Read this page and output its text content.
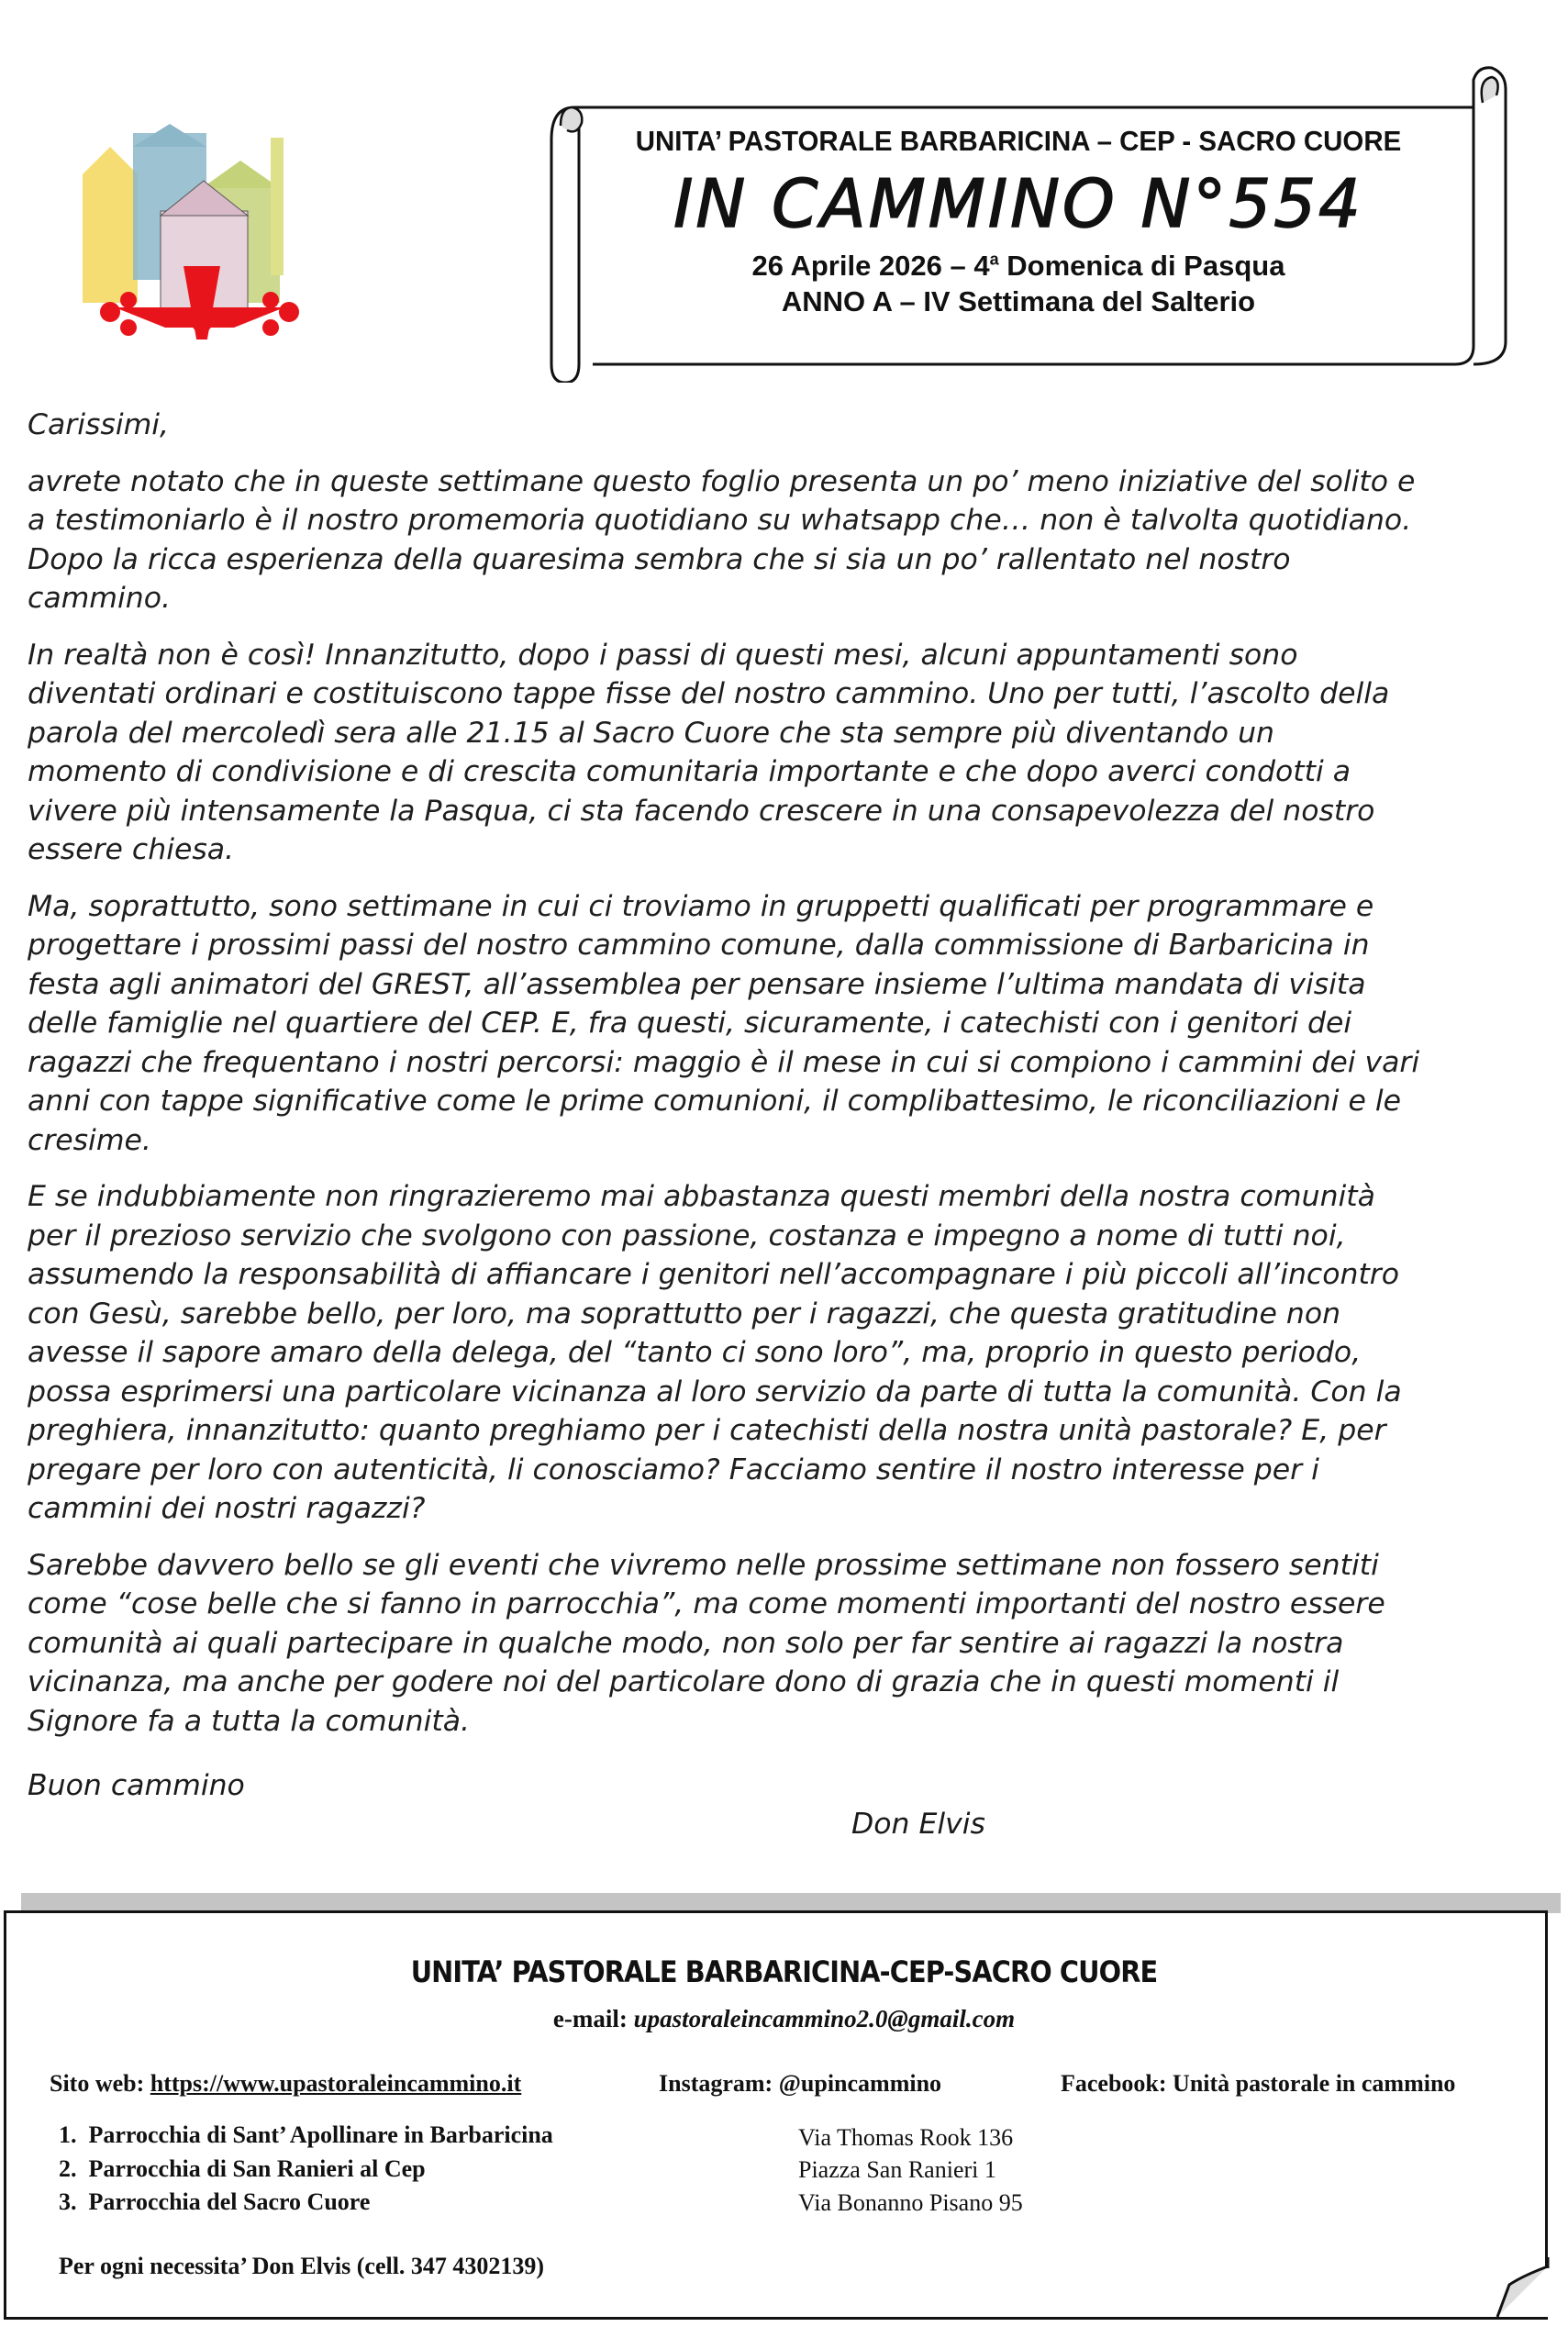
UNITA’ PASTORALE BARBARICINA – CEP - SACRO CUORE
IN CAMMINO N°554
26 Aprile 2026 – 4$^a$ Domenica di Pasqua
ANNO A – IV Settimana del Salterio
Carissimi,
avrete notato che in queste settimane questo foglio presenta un po’ meno iniziative del solito e
a testimoniarlo è il nostro promemoria quotidiano su whatsapp che… non è talvolta quotidiano.
Dopo la ricca esperienza della quaresima sembra che si sia un po’ rallentato nel nostro
cammino.
In realtà non è così! Innanzitutto, dopo i passi di questi mesi, alcuni appuntamenti sono
diventati ordinari e costituiscono tappe fisse del nostro cammino. Uno per tutti, l’ascolto della
parola del mercoledì sera alle 21.15 al Sacro Cuore che sta sempre più diventando un
momento di condivisione e di crescita comunitaria importante e che dopo averci condotti a
vivere più intensamente la Pasqua, ci sta facendo crescere in una consapevolezza del nostro
essere chiesa.
Ma, soprattutto, sono settimane in cui ci troviamo in gruppetti qualificati per programmare e
progettare i prossimi passi del nostro cammino comune, dalla commissione di Barbaricina in
festa agli animatori del GREST, all’assemblea per pensare insieme l’ultima mandata di visita
delle famiglie nel quartiere del CEP. E, fra questi, sicuramente, i catechisti con i genitori dei
ragazzi che frequentano i nostri percorsi: maggio è il mese in cui si compiono i cammini dei vari
anni con tappe significative come le prime comunioni, il complibattesimo, le riconciliazioni e le
cresime.
E se indubbiamente non ringrazieremo mai abbastanza questi membri della nostra comunità
per il prezioso servizio che svolgono con passione, costanza e impegno a nome di tutti noi,
assumendo la responsabilità di affiancare i genitori nell’accompagnare i più piccoli all’incontro
con Gesù, sarebbe bello, per loro, ma soprattutto per i ragazzi, che questa gratitudine non
avesse il sapore amaro della delega, del “tanto ci sono loro”, ma, proprio in questo periodo,
possa esprimersi una particolare vicinanza al loro servizio da parte di tutta la comunità. Con la
preghiera, innanzitutto: quanto preghiamo per i catechisti della nostra unità pastorale? E, per
pregare per loro con autenticità, li conosciamo? Facciamo sentire il nostro interesse per i
cammini dei nostri ragazzi?
Sarebbe davvero bello se gli eventi che vivremo nelle prossime settimane non fossero sentiti
come “cose belle che si fanno in parrocchia”, ma come momenti importanti del nostro essere
comunità ai quali partecipare in qualche modo, non solo per far sentire ai ragazzi la nostra
vicinanza, ma anche per godere noi del particolare dono di grazia che in questi momenti il
Signore fa a tutta la comunità.
Buon cammino
Don Elvis
UNITA’ PASTORALE BARBARICINA-CEP-SACRO CUORE
e-mail: upastoraleincammino2.0@gmail.com
Sito web: https://www.upastoraleincammino.it	Instagram: @upincammino	Facebook: Unità pastorale in cammino
1. Parrocchia di Sant’ Apollinare in Barbaricina
2. Parrocchia di San Ranieri al Cep
3. Parrocchia del Sacro Cuore
Via Thomas Rook 136
Piazza San Ranieri 1
Via Bonanno Pisano 95
Per ogni necessita’ Don Elvis (cell. 347 4302139)
